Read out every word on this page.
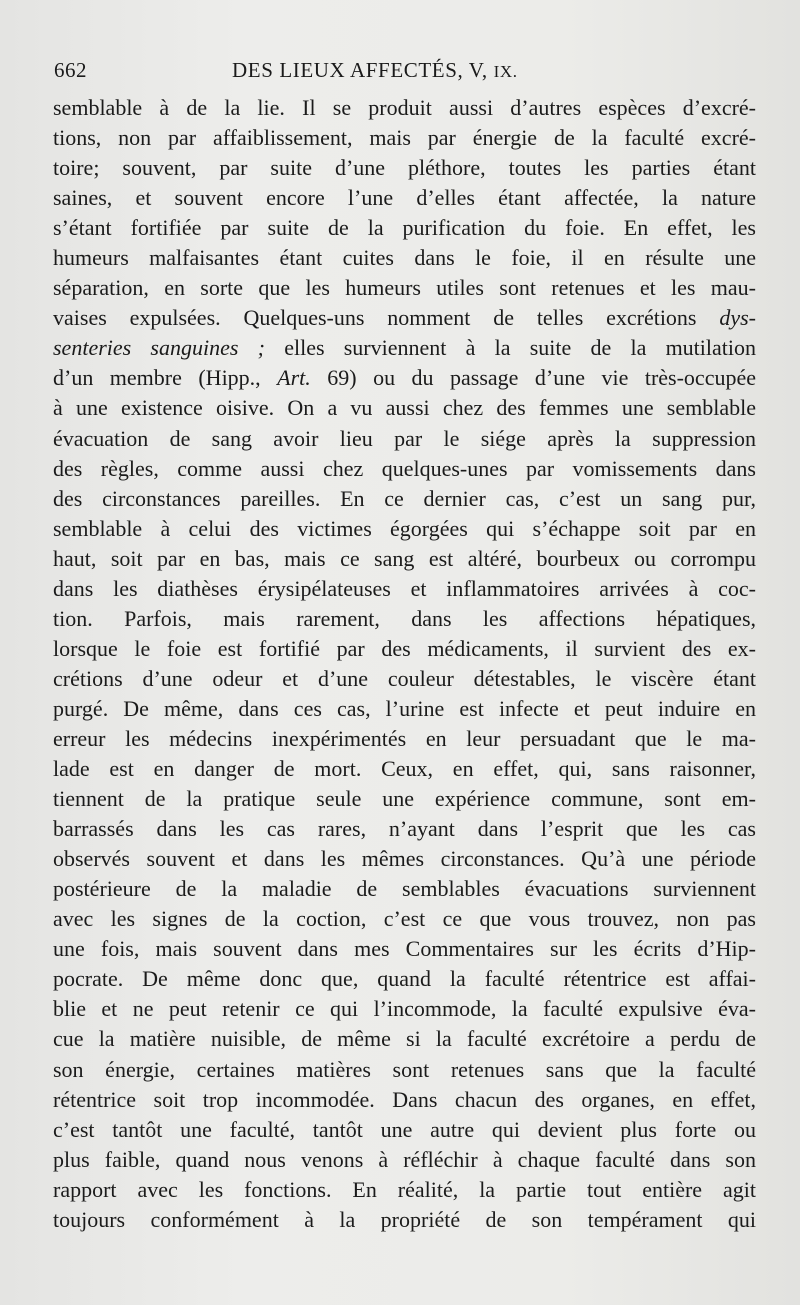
662	DES LIEUX AFFECTÉS, V, IX.
semblable à de la lie. Il se produit aussi d’autres espèces d’excré-
tions, non par affaiblissement, mais par énergie de la faculté excré-
toire; souvent, par suite d’une pléthore, toutes les parties étant
saines, et souvent encore l’une d’elles étant affectée, la nature
s’étant fortifiée par suite de la purification du foie. En effet, les
humeurs malfaisantes étant cuites dans le foie, il en résulte une
séparation, en sorte que les humeurs utiles sont retenues et les mau-
vaises expulsées. Quelques-uns nomment de telles excrétions dys-
senteries sanguines ; elles surviennent à la suite de la mutilation
d’un membre (Hipp., Art. 69) ou du passage d’une vie très-occupée
à une existence oisive. On a vu aussi chez des femmes une semblable
évacuation de sang avoir lieu par le siége après la suppression
des règles, comme aussi chez quelques-unes par vomissements dans
des circonstances pareilles. En ce dernier cas, c’est un sang pur,
semblable à celui des victimes égorgées qui s’échappe soit par en
haut, soit par en bas, mais ce sang est altéré, bourbeux ou corrompu
dans les diathèses érysipélateuses et inflammatoires arrivées à coc-
tion. Parfois, mais rarement, dans les affections hépatiques,
lorsque le foie est fortifié par des médicaments, il survient des ex-
crétions d’une odeur et d’une couleur détestables, le viscère étant
purgé. De même, dans ces cas, l’urine est infecte et peut induire en
erreur les médecins inexpérimentés en leur persuadant que le ma-
lade est en danger de mort. Ceux, en effet, qui, sans raisonner,
tiennent de la pratique seule une expérience commune, sont em-
barrassés dans les cas rares, n’ayant dans l’esprit que les cas
observés souvent et dans les mêmes circonstances. Qu’à une période
postérieure de la maladie de semblables évacuations surviennent
avec les signes de la coction, c’est ce que vous trouvez, non pas
une fois, mais souvent dans mes Commentaires sur les écrits d’Hip-
pocrate. De même donc que, quand la faculté rétentrice est affai-
blie et ne peut retenir ce qui l’incommode, la faculté expulsive éva-
cue la matière nuisible, de même si la faculté excrétoire a perdu de
son énergie, certaines matières sont retenues sans que la faculté
rétentrice soit trop incommodée. Dans chacun des organes, en effet,
c’est tantôt une faculté, tantôt une autre qui devient plus forte ou
plus faible, quand nous venons à réfléchir à chaque faculté dans son
rapport avec les fonctions. En réalité, la partie tout entière agit
toujours conformément à la propriété de son tempérament qui
